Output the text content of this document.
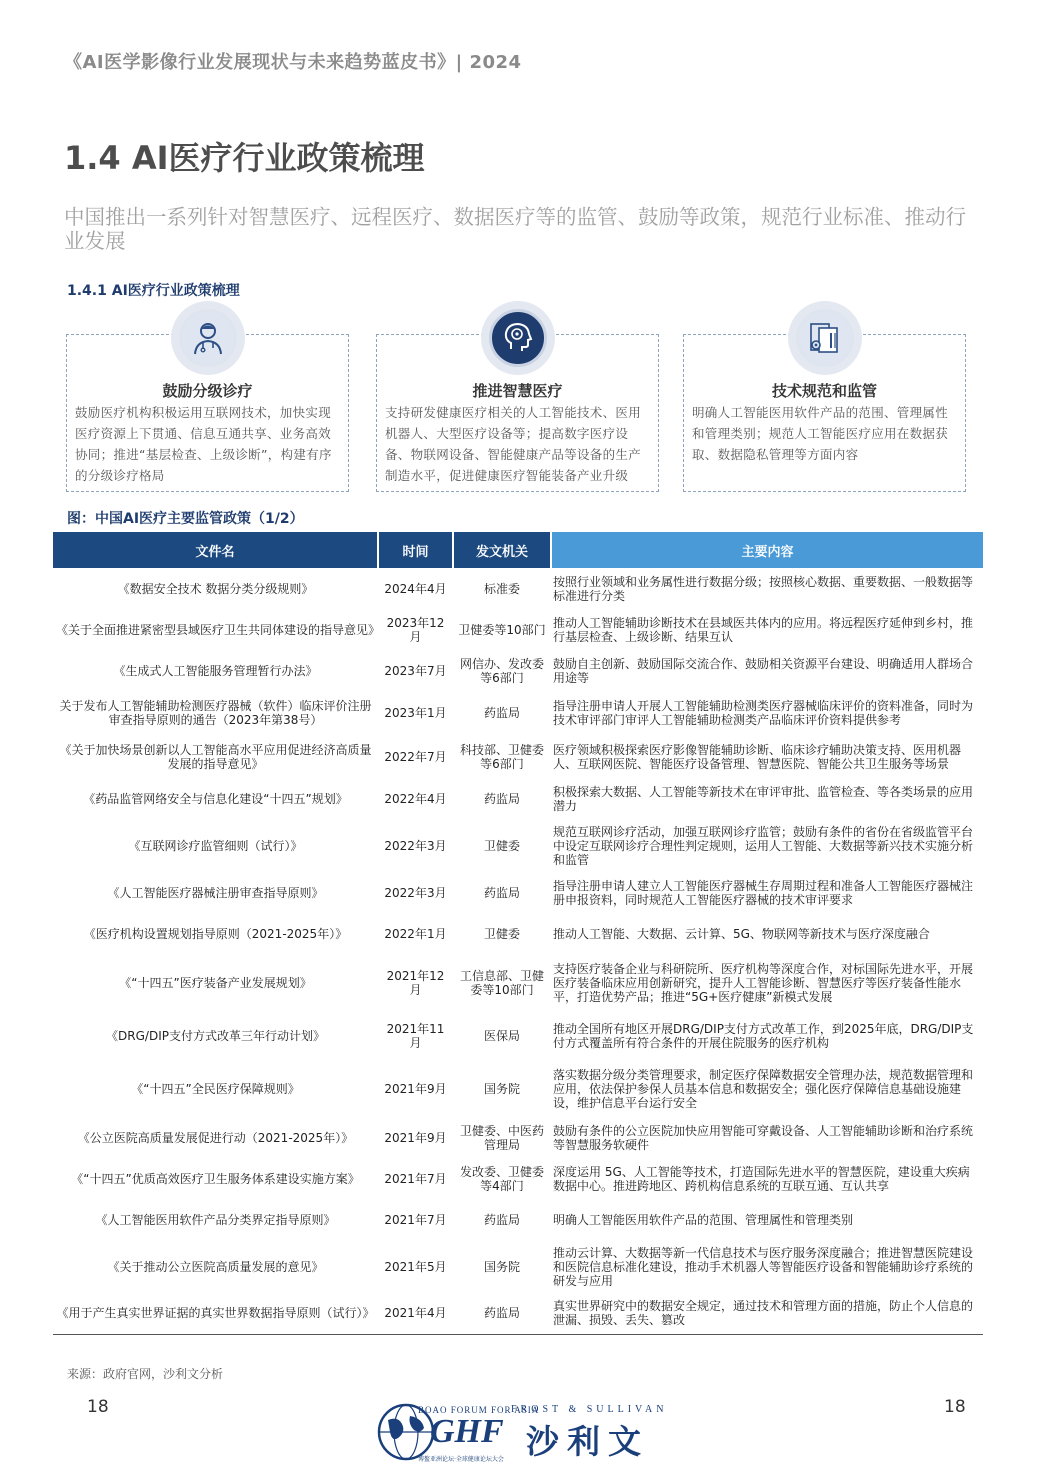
《AI医学影像行业发展现状与未来趋势蓝皮书》| 2024
1.4 AI医疗行业政策梳理
中国推出一系列针对智慧医疗、远程医疗、数据医疗等的监管、鼓励等政策，规范行业标准、推动行业发展
1.4.1 AI医疗行业政策梳理
鼓励分级诊疗
鼓励医疗机构积极运用互联网技术，加快实现医疗资源上下贯通、信息互通共享、业务高效协同；推进“基层检查、上级诊断”，构建有序的分级诊疗格局
推进智慧医疗
支持研发健康医疗相关的人工智能技术、医用机器人、大型医疗设备等；提高数字医疗设备、物联网设备、智能健康产品等设备的生产制造水平，促进健康医疗智能装备产业升级
技术规范和监管
明确人工智能医用软件产品的范围、管理属性和管理类别；规范人工智能医疗应用在数据获取、数据隐私管理等方面内容
图：中国AI医疗主要监管政策（1/2）
文件名	时间	发文机关	主要内容
《数据安全技术 数据分类分级规则》	2024年4月	标准委	按照行业领域和业务属性进行数据分级；按照核心数据、重要数据、一般数据等标准进行分类
《关于全面推进紧密型县域医疗卫生共同体建设的指导意见》	2023年12月	卫健委等10部门	推动人工智能辅助诊断技术在县域医共体内的应用。将远程医疗延伸到乡村，推行基层检查、上级诊断、结果互认
《生成式人工智能服务管理暂行办法》	2023年7月	网信办、发改委等6部门	鼓励自主创新、鼓励国际交流合作、鼓励相关资源平台建设、明确适用人群场合用途等
关于发布人工智能辅助检测医疗器械（软件）临床评价注册审查指导原则的通告（2023年第38号）	2023年1月	药监局	指导注册申请人开展人工智能辅助检测类医疗器械临床评价的资料准备，同时为技术审评部门审评人工智能辅助检测类产品临床评价资料提供参考
《关于加快场景创新以人工智能高水平应用促进经济高质量发展的指导意见》	2022年7月	科技部、卫健委等6部门	医疗领域积极探索医疗影像智能辅助诊断、临床诊疗辅助决策支持、医用机器人、互联网医院、智能医疗设备管理、智慧医院、智能公共卫生服务等场景
《药品监管网络安全与信息化建设“十四五”规划》	2022年4月	药监局	积极探索大数据、人工智能等新技术在审评审批、监管检查、等各类场景的应用潜力
《互联网诊疗监管细则（试行）》	2022年3月	卫健委	规范互联网诊疗活动，加强互联网诊疗监管；鼓励有条件的省份在省级监管平台中设定互联网诊疗合理性判定规则，运用人工智能、大数据等新兴技术实施分析和监管
《人工智能医疗器械注册审查指导原则》	2022年3月	药监局	指导注册申请人建立人工智能医疗器械生存周期过程和准备人工智能医疗器械注册申报资料，同时规范人工智能医疗器械的技术审评要求
《医疗机构设置规划指导原则（2021-2025年）》	2022年1月	卫健委	推动人工智能、大数据、云计算、5G、物联网等新技术与医疗深度融合
《“十四五”医疗装备产业发展规划》	2021年12月	工信息部、卫健委等10部门	支持医疗装备企业与科研院所、医疗机构等深度合作，对标国际先进水平，开展医疗装备临床应用创新研究，提升人工智能诊断、智慧医疗等医疗装备性能水平，打造优势产品；推进“5G+医疗健康”新模式发展
《DRG/DIP支付方式改革三年行动计划》	2021年11月	医保局	推动全国所有地区开展DRG/DIP支付方式改革工作，到2025年底，DRG/DIP支付方式覆盖所有符合条件的开展住院服务的医疗机构
《“十四五”全民医疗保障规则》	2021年9月	国务院	落实数据分级分类管理要求，制定医疗保障数据安全管理办法，规范数据管理和应用，依法保护参保人员基本信息和数据安全；强化医疗保障信息基础设施建设，维护信息平台运行安全
《公立医院高质量发展促进行动（2021-2025年）》	2021年9月	卫健委、中医药管理局	鼓励有条件的公立医院加快应用智能可穿戴设备、人工智能辅助诊断和治疗系统等智慧服务软硬件
《“十四五”优质高效医疗卫生服务体系建设实施方案》	2021年7月	发改委、卫健委等4部门	深度运用 5G、人工智能等技术，打造国际先进水平的智慧医院，建设重大疾病数据中心。推进跨地区、跨机构信息系统的互联互通、互认共享
《人工智能医用软件产品分类界定指导原则》	2021年7月	药监局	明确人工智能医用软件产品的范围、管理属性和管理类别
《关于推动公立医院高质量发展的意见》	2021年5月	国务院	推动云计算、大数据等新一代信息技术与医疗服务深度融合；推进智慧医院建设和医院信息标准化建设，推动手术机器人等智能医疗设备和智能辅助诊疗系统的研发与应用
《用于产生真实世界证据的真实世界数据指导原则（试行）》	2021年4月	药监局	真实世界研究中的数据安全规定，通过技术和管理方面的措施，防止个人信息的泄漏、损毁、丢失、篡改
来源：政府官网，沙利文分析
18	18
BOAO FORUM FOR ASIA
GHF
博鳌亚洲论坛·全球健康论坛大会
FROST & SULLIVAN
沙利文
